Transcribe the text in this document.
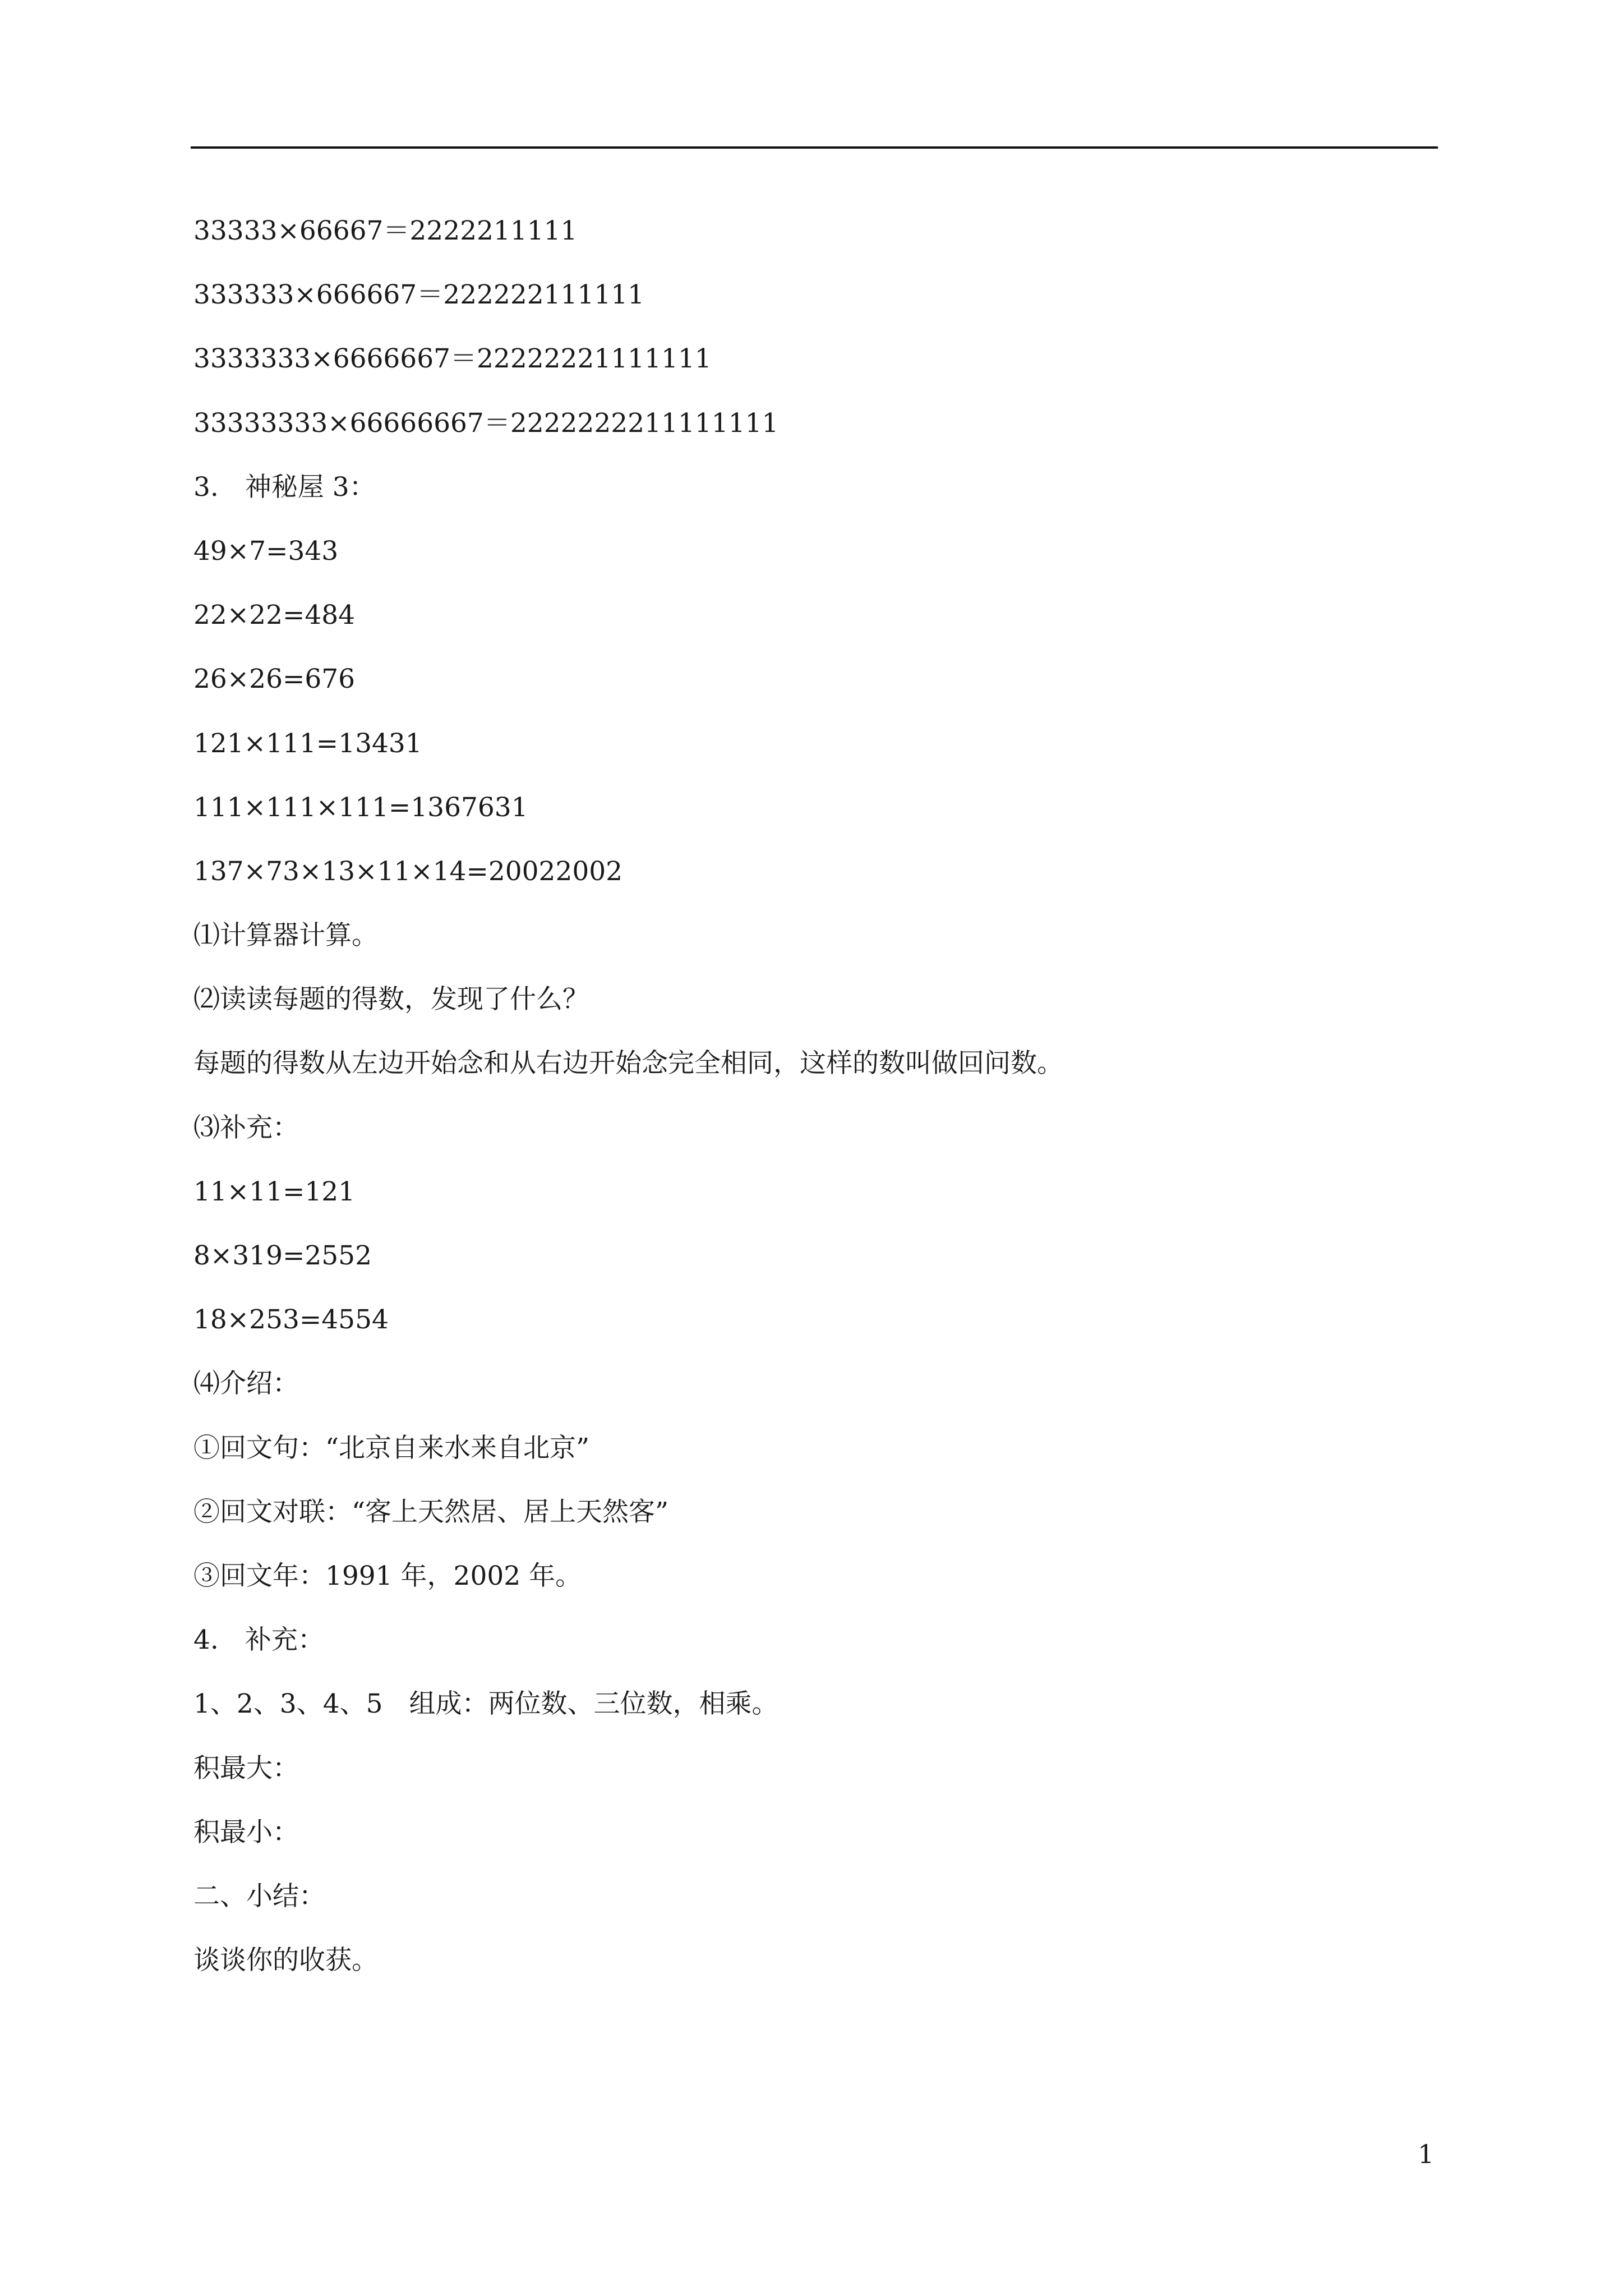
33333×66667＝2222211111
333333×666667＝222222111111
3333333×6666667＝22222221111111
33333333×66666667＝2222222211111111
3.　神秘屋 3：
49×7=343
22×22=484
26×26=676
121×111=13431
111×111×111=1367631
137×73×13×11×14=20022002
⑴计算器计算。
⑵读读每题的得数，发现了什么？
每题的得数从左边开始念和从右边开始念完全相同，这样的数叫做回问数。
⑶补充：
11×11=121
8×319=2552
18×253=4554
⑷介绍：
①回文句：“北京自来水来自北京”
②回文对联：“客上天然居、居上天然客”
③回文年：1991 年，2002 年。
4.　补充：
1、2、3、4、5　组成：两位数、三位数，相乘。
积最大：
积最小：
二、小结：
谈谈你的收获。
1
